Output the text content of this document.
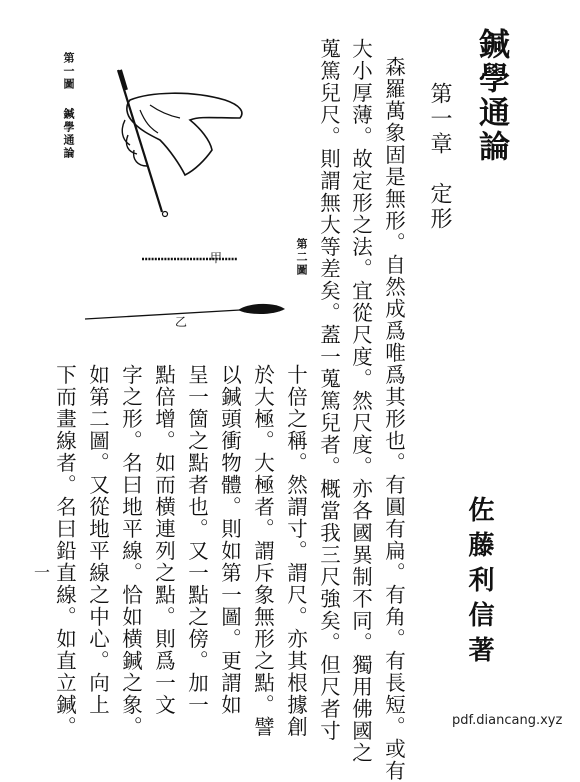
甲
乙
第一圖
鍼學通論
第二圖
鍼學通論
第一章　定形
佐藤利信著
森羅萬象固是無形。自然成爲唯爲其形也。有圓有扁。有角。有長短。或有
大小厚薄。故定形之法。宜從尺度。然尺度。亦各國異制不同。獨用佛國之
蒐篤兒尺。則謂無大等差矣。蓋一蒐篤兒者。概當我三尺強矣。但尺者寸
十倍之稱。然謂寸。謂尺。亦其根據創
於大極。大極者。謂斥象無形之點。譬
以鍼頭衝物體。則如第一圖。更謂如
呈一箇之點者也。又一點之傍。加一
點倍增。如而横連列之點。則爲一文
字之形。名曰地平線。恰如横鍼之象。
如第二圖。又從地平線之中心。向上
下而畫線者。名曰鉛直線。如直立鍼。
一
pdf.diancang.xyz
